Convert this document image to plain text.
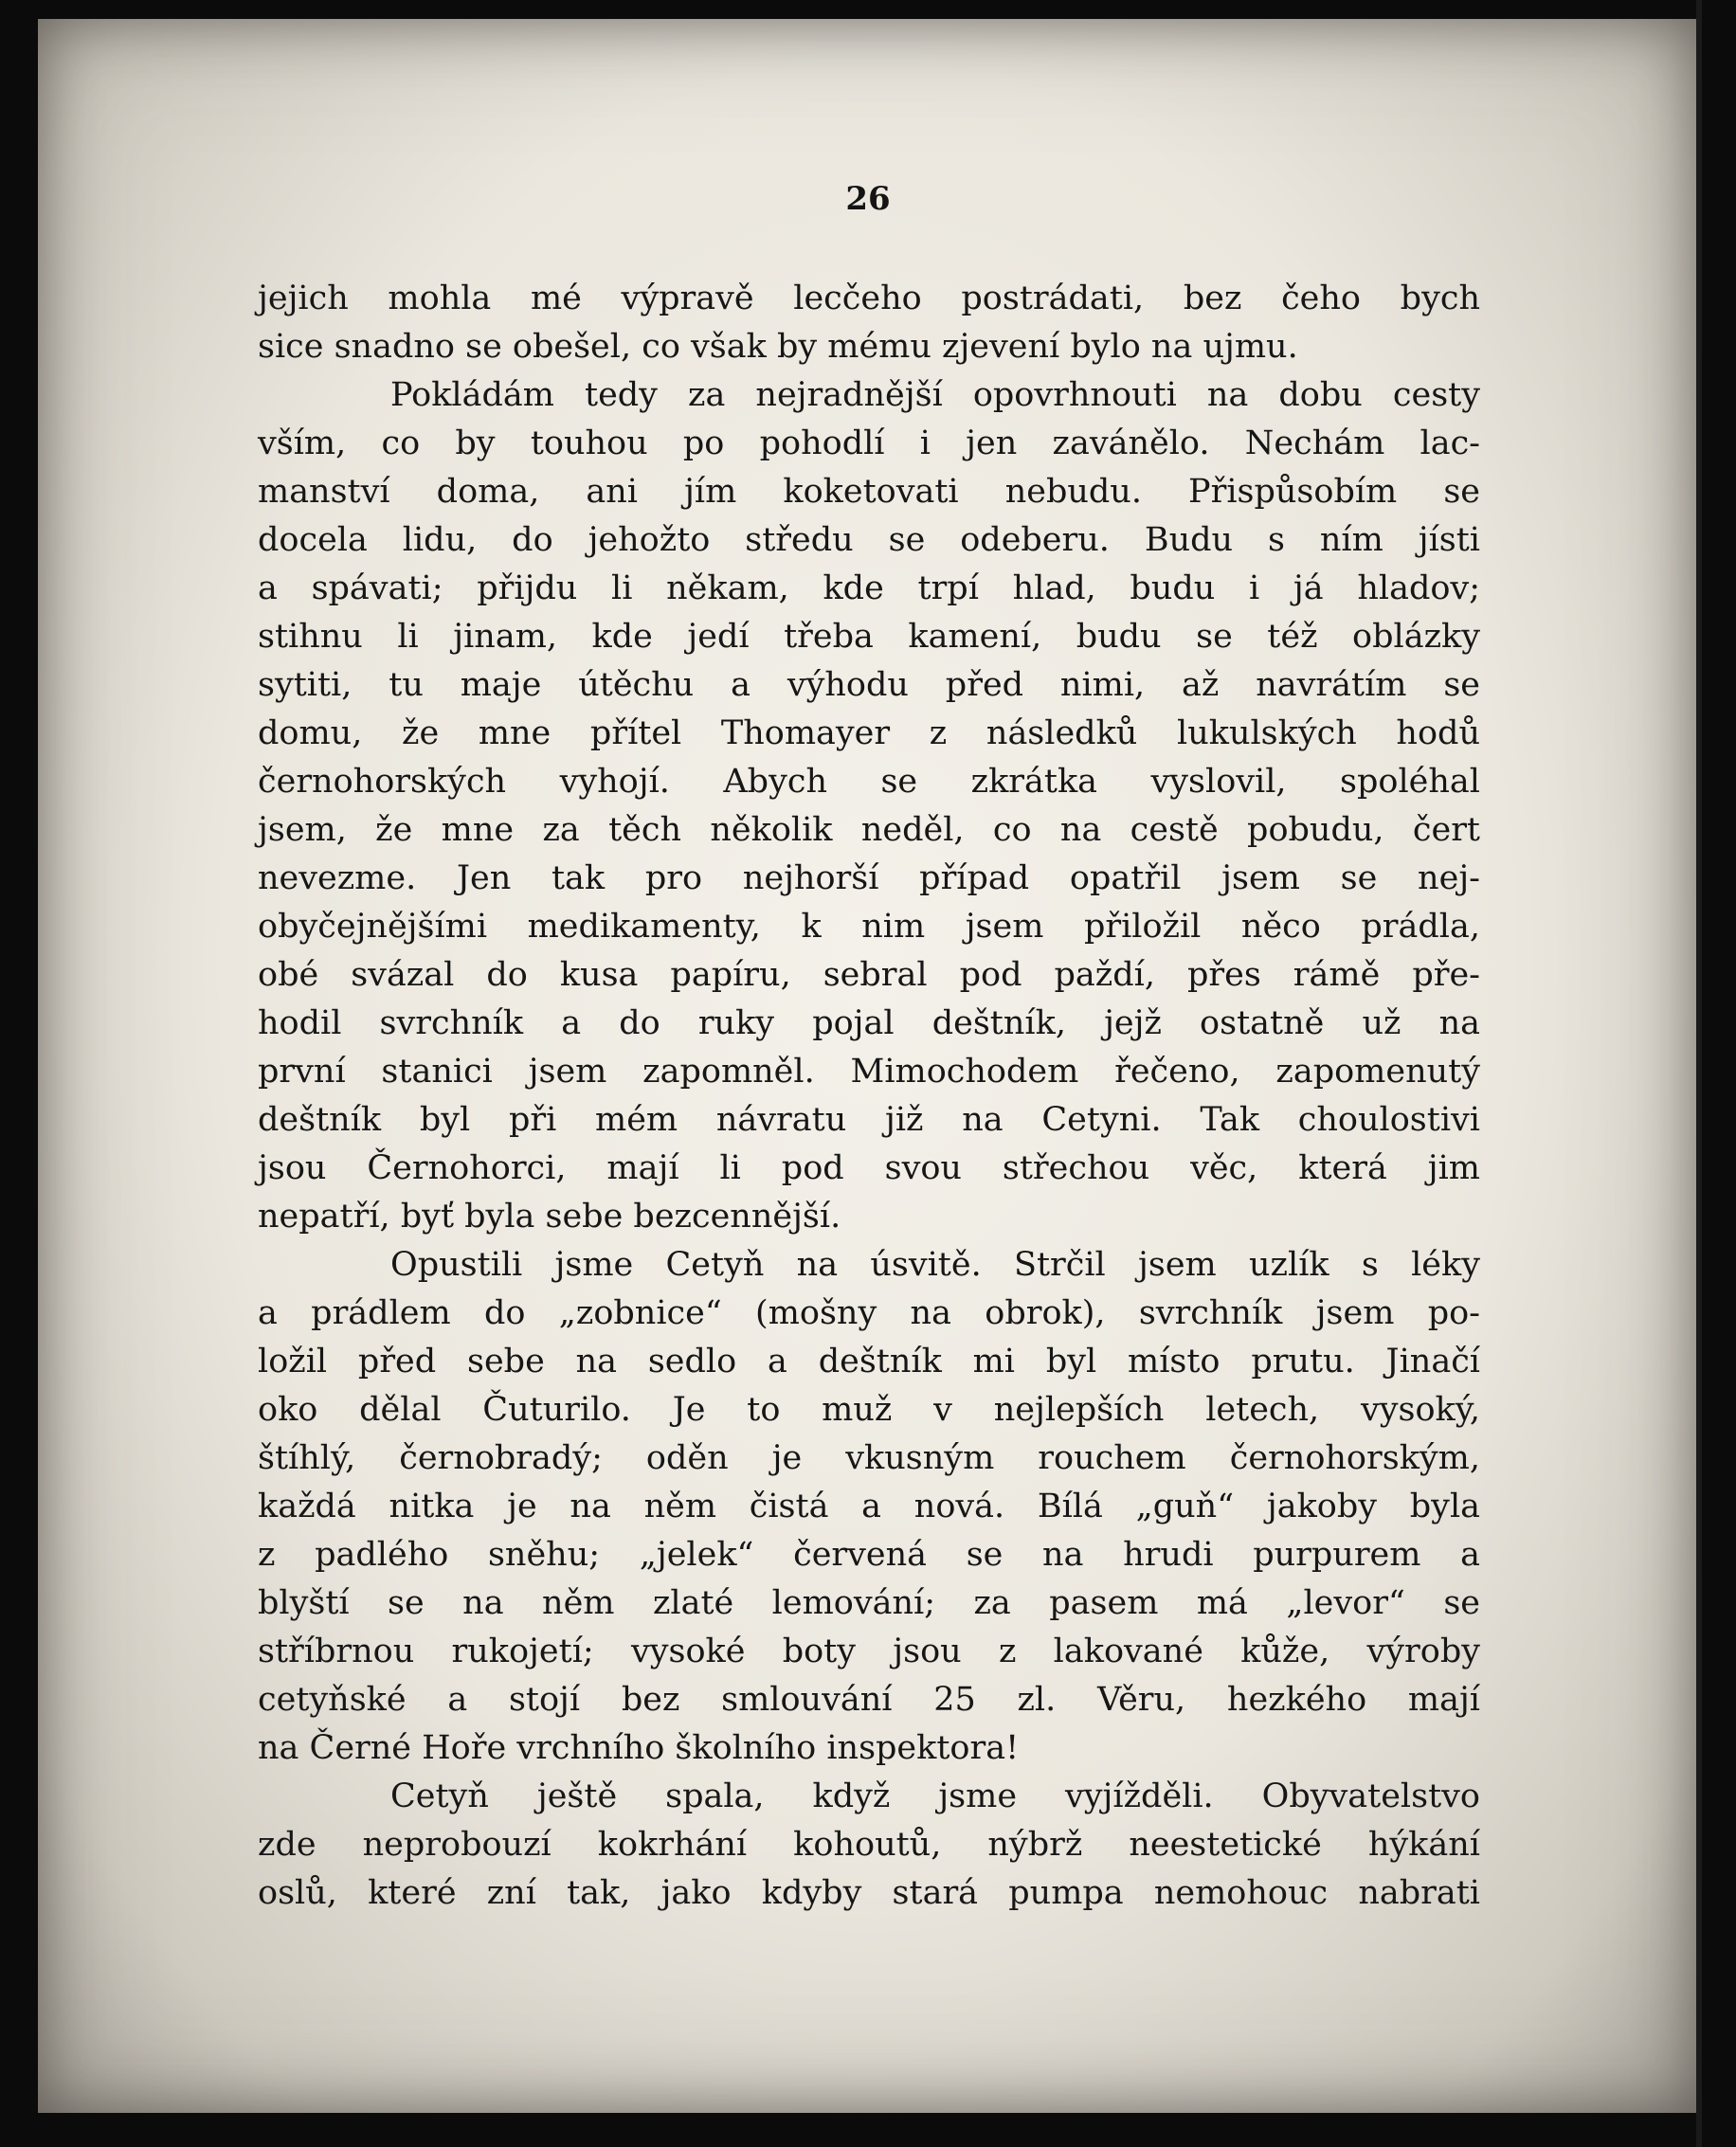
26
jejich mohla mé výpravě lecčeho postrádati, bez čeho bych
sice snadno se obešel, co však by mému zjevení bylo na ujmu.
Pokládám tedy za nejradnější opovrhnouti na dobu cesty
vším, co by touhou po pohodlí i jen zavánělo. Nechám lac-
manství doma, ani jím koketovati nebudu. Přispůsobím se
docela lidu, do jehožto středu se odeberu. Budu s ním jísti
a spávati; přijdu li někam, kde trpí hlad, budu i já hladov;
stihnu li jinam, kde jedí třeba kamení, budu se též oblázky
sytiti, tu maje útěchu a výhodu před nimi, až navrátím se
domu, že mne přítel Thomayer z následků lukulských hodů
černohorských vyhojí. Abych se zkrátka vyslovil, spoléhal
jsem, že mne za těch několik neděl, co na cestě pobudu, čert
nevezme. Jen tak pro nejhorší případ opatřil jsem se nej-
obyčejnějšími medikamenty, k nim jsem přiložil něco prádla,
obé svázal do kusa papíru, sebral pod paždí, přes rámě pře-
hodil svrchník a do ruky pojal deštník, jejž ostatně už na
první stanici jsem zapomněl. Mimochodem řečeno, zapomenutý
deštník byl při mém návratu již na Cetyni. Tak choulostivi
jsou Černohorci, mají li pod svou střechou věc, která jim
nepatří, byť byla sebe bezcennější.
Opustili jsme Cetyň na úsvitě. Strčil jsem uzlík s léky
a prádlem do „zobnice“ (mošny na obrok), svrchník jsem po-
ložil před sebe na sedlo a deštník mi byl místo prutu. Jinačí
oko dělal Čuturilo. Je to muž v nejlepších letech, vysoký,
štíhlý, černobradý; oděn je vkusným rouchem černohorským,
každá nitka je na něm čistá a nová. Bílá „guň“ jakoby byla
z padlého sněhu; „jelek“ červená se na hrudi purpurem a
blyští se na něm zlaté lemování; za pasem má „levor“ se
stříbrnou rukojetí; vysoké boty jsou z lakované kůže, výroby
cetyňské a stojí bez smlouvání 25 zl. Věru, hezkého mají
na Černé Hoře vrchního školního inspektora!
Cetyň ještě spala, když jsme vyjížděli. Obyvatelstvo
zde neprobouzí kokrhání kohoutů, nýbrž neestetické hýkání
oslů, které zní tak, jako kdyby stará pumpa nemohouc nabrati
